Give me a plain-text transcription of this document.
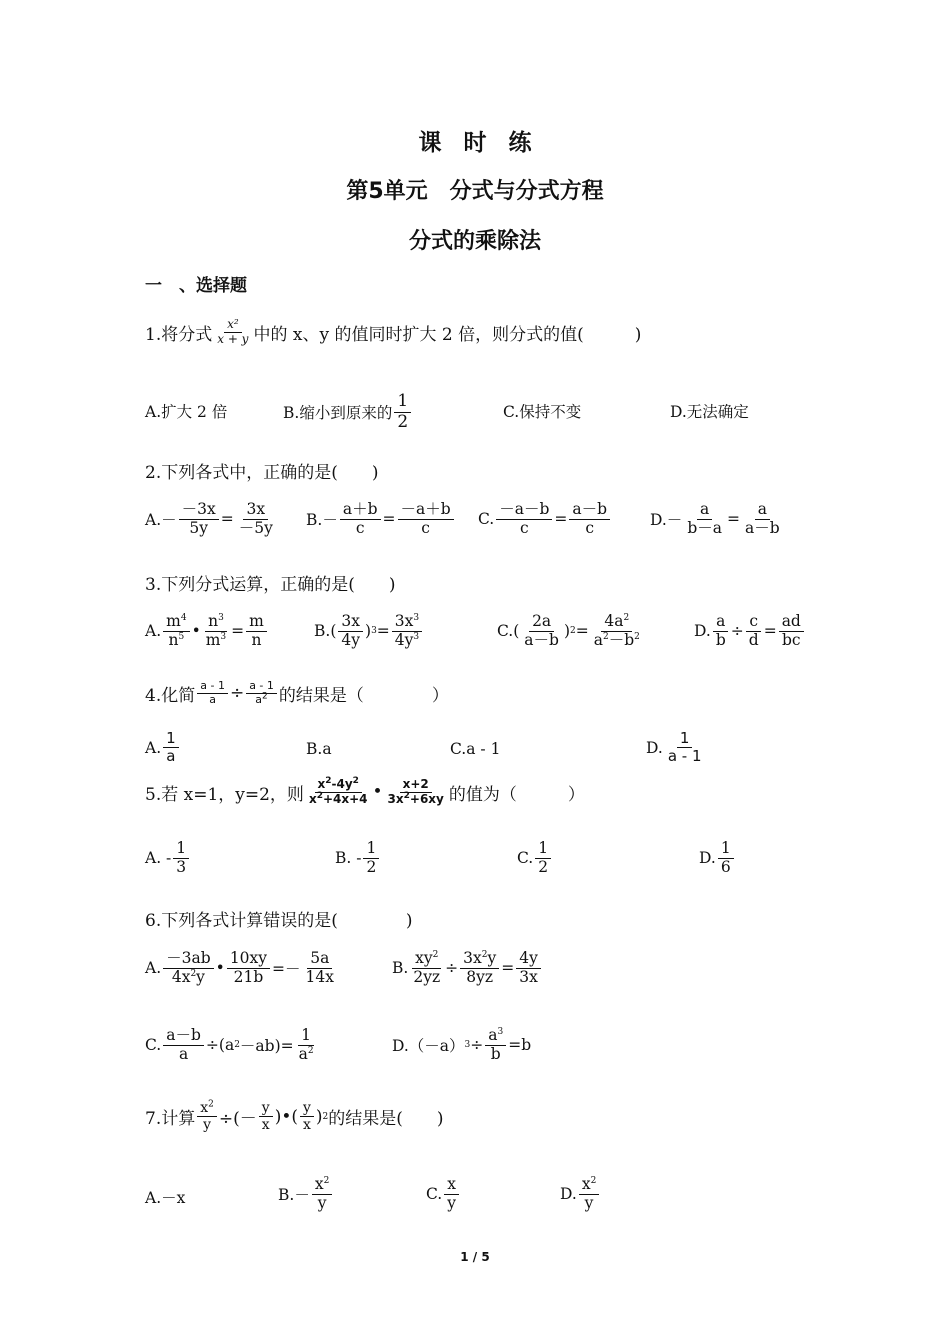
课时练
第5单元　分式与分式方程
分式的乘除法
一　、选择题
1.将分式 $\frac{\text{x²}}{x + y}$ 中的 x、y 的值同时扩大 2 倍，则分式的值(　　　)
A.扩大 2 倍	B.缩小到原来的 $\frac{1}{2}$	C.保持不变	D.无法确定
2.下列各式中，正确的是(　　)
$A.- \frac{-3x}{5y} = \frac{3x}{-5y} B.- \frac{a+b}{c} = \frac{-a+b}{c} C$. $\frac{-a-b}{c} = \frac{a-b}{c}$	$D.- \frac{a}{b-a} = \frac{a}{a-b}$
3.下列分式运算，正确的是(　　)
A. $\frac{m^4}{n^5}$ • $\frac{n^3}{m^3} = \frac{m}{n}$	$B.( \frac{3x}{4y}$ ) $3 = \frac{3x^3}{4y^3}$	$C.( \frac{2a}{a-b}$ ) $2 = \frac{4a^2}{a^2-b^2}$	D. $\frac{a}{b} \div \frac{c}{d} = \frac{ad}{bc}$
4.化简 $\frac{a - 1}{a} \div \frac{a - 1}{a^2}$ 的结果是（　　　　）
A. $\frac{1}{a}$	B.a	C.a - 1	D. $\frac{1}{a - 1}$
5.若 x=1，y=2，则 $\frac{x^2-4y^2}{x^2+4x+4}$ • $\frac{x+2}{3x^2+6xy}$ 的值为（　　　）
A. - $\frac{1}{3}$	B. - $\frac{1}{2}$	C. $\frac{1}{2}$	D. $\frac{1}{6}$
6.下列各式计算错误的是(　　　　)
A. $\frac{-3ab}{4x^2y}$ • $\frac{10xy}{21b} =- \frac{5a}{14x}$	B. $\frac{xy^2}{2yz} \div \frac{3x^2y}{8yz} = \frac{4y}{3x}$
C. $\frac{a-b}{a} \div(a$ $2 -ab)= \frac{1}{a^2}$	D.（－a） $3 \div \frac{a^3}{b} =b$
7.计算 $\frac{x^2}{y}$ ÷(－ $\frac{y}{x}$ )•( $\frac{y}{x}$ ) 2 的结果是(　　)
A.－x	$B.- \frac{x^2}{y}$	C. $\frac{x}{y}$	D. $\frac{x^2}{y}$
1 / 5
